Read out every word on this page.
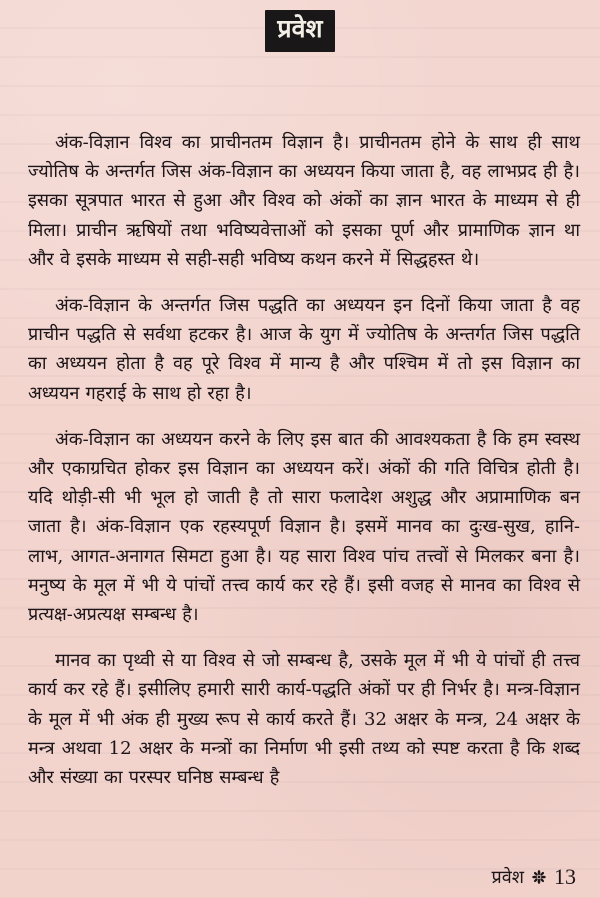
प्रवेश

अंक-विज्ञान विश्व का प्राचीनतम विज्ञान है। प्राचीनतम होने के साथ ही साथ ज्योतिष के अन्तर्गत जिस अंक-विज्ञान का अध्ययन किया जाता है, वह लाभप्रद ही है। इसका सूत्रपात भारत से हुआ और विश्व को अंकों का ज्ञान भारत के माध्यम से ही मिला। प्राचीन ऋषियों तथा भविष्यवेत्ताओं को इसका पूर्ण और प्रामाणिक ज्ञान था और वे इसके माध्यम से सही-सही भविष्य कथन करने में सिद्धहस्त थे।

अंक-विज्ञान के अन्तर्गत जिस पद्धति का अध्ययन इन दिनों किया जाता है वह प्राचीन पद्धति से सर्वथा हटकर है। आज के युग में ज्योतिष के अन्तर्गत जिस पद्धति का अध्ययन होता है वह पूरे विश्व में मान्य है और पश्चिम में तो इस विज्ञान का अध्ययन गहराई के साथ हो रहा है।

अंक-विज्ञान का अध्ययन करने के लिए इस बात की आवश्यकता है कि हम स्वस्थ और एकाग्रचित होकर इस विज्ञान का अध्ययन करें। अंकों की गति विचित्र होती है। यदि थोड़ी-सी भी भूल हो जाती है तो सारा फलादेश अशुद्ध और अप्रामाणिक बन जाता है। अंक-विज्ञान एक रहस्यपूर्ण विज्ञान है। इसमें मानव का दुःख-सुख, हानि-लाभ, आगत-अनागत सिमटा हुआ है। यह सारा विश्व पांच तत्त्वों से मिलकर बना है। मनुष्य के मूल में भी ये पांचों तत्त्व कार्य कर रहे हैं। इसी वजह से मानव का विश्व से प्रत्यक्ष-अप्रत्यक्ष सम्बन्ध है।

मानव का पृथ्वी से या विश्व से जो सम्बन्ध है, उसके मूल में भी ये पांचों ही तत्त्व कार्य कर रहे हैं। इसीलिए हमारी सारी कार्य-पद्धति अंकों पर ही निर्भर है। मन्त्र-विज्ञान के मूल में भी अंक ही मुख्य रूप से कार्य करते हैं। 32 अक्षर के मन्त्र, 24 अक्षर के मन्त्र अथवा 12 अक्षर के मन्त्रों का निर्माण भी इसी तथ्य को स्पष्ट करता है कि शब्द और संख्या का परस्पर घनिष्ठ सम्बन्ध है

प्रवेश 13
